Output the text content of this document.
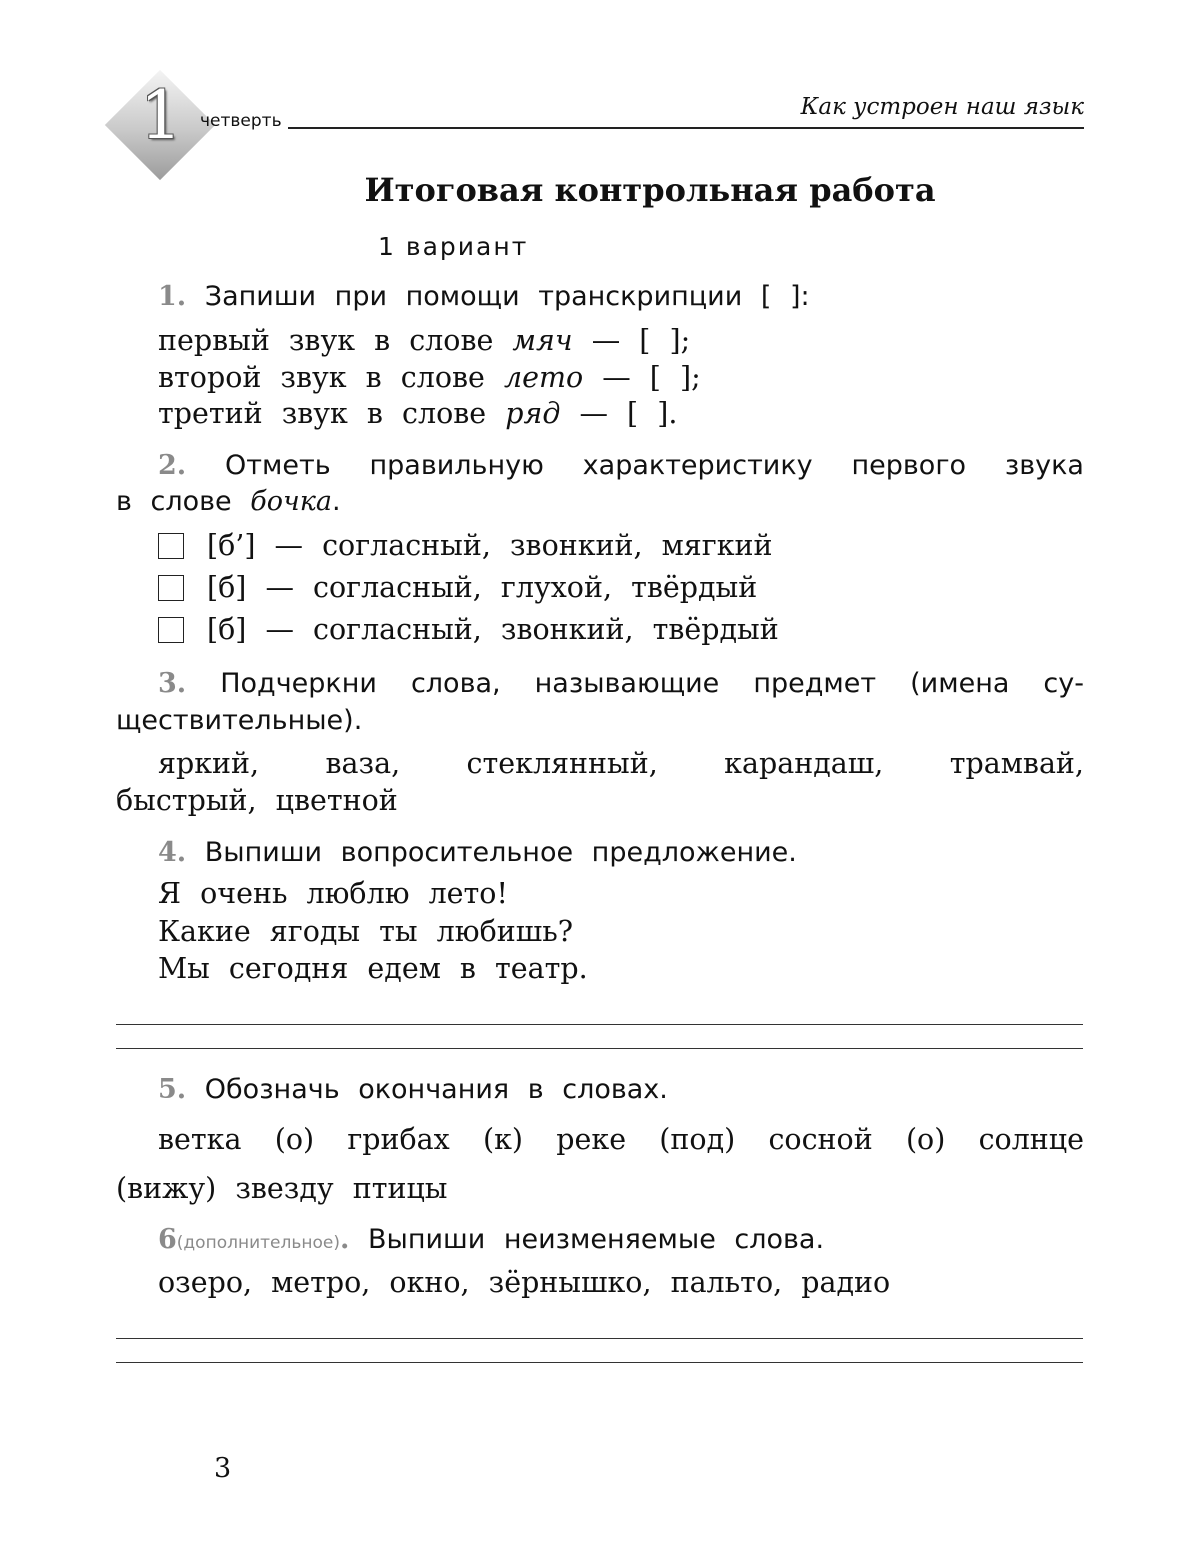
1 четверть
Как устроен наш язык
Итоговая контрольная работа
1 вариант
1. Запиши при помощи транскрипции [ ]:
первый звук в слове мяч — [ ];
второй звук в слове лето — [ ];
третий звук в слове ряд — [ ].
2. Отметь правильную характеристику первого звука
в слове бочка.
[б’] — согласный, звонкий, мягкий
[б] — согласный, глухой, твёрдый
[б] — согласный, звонкий, твёрдый
3. Подчеркни слова, называющие предмет (имена су-
ществительные).
яркий, ваза, стеклянный, карандаш, трамвай,
быстрый, цветной
4. Выпиши вопросительное предложение.
Я очень люблю лето!
Какие ягоды ты любишь?
Мы сегодня едем в театр.
5. Обозначь окончания в словах.
ветка (о) грибах (к) реке (под) сосной (о) солнце
(вижу) звезду птицы
6(дополнительное). Выпиши неизменяемые слова.
озеро, метро, окно, зёрнышко, пальто, радио
3
